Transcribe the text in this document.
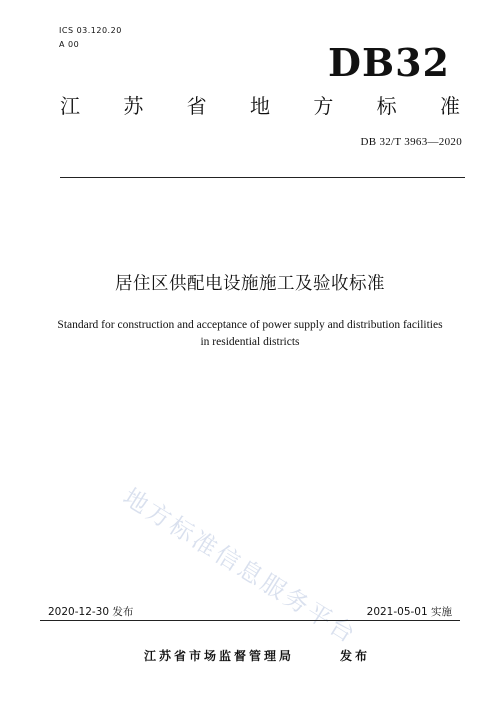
ICS 03.120.20
A 00	DB32
江 苏 省 地 方 标 准
DB 32/T 3963—2020
居住区供配电设施施工及验收标准
Standard for construction and acceptance of power supply and distribution facilities
in residential districts
地方标准信息服务平台
2020-12-30 发布	2021-05-01 实施
江苏省市场监督管理局	发布
